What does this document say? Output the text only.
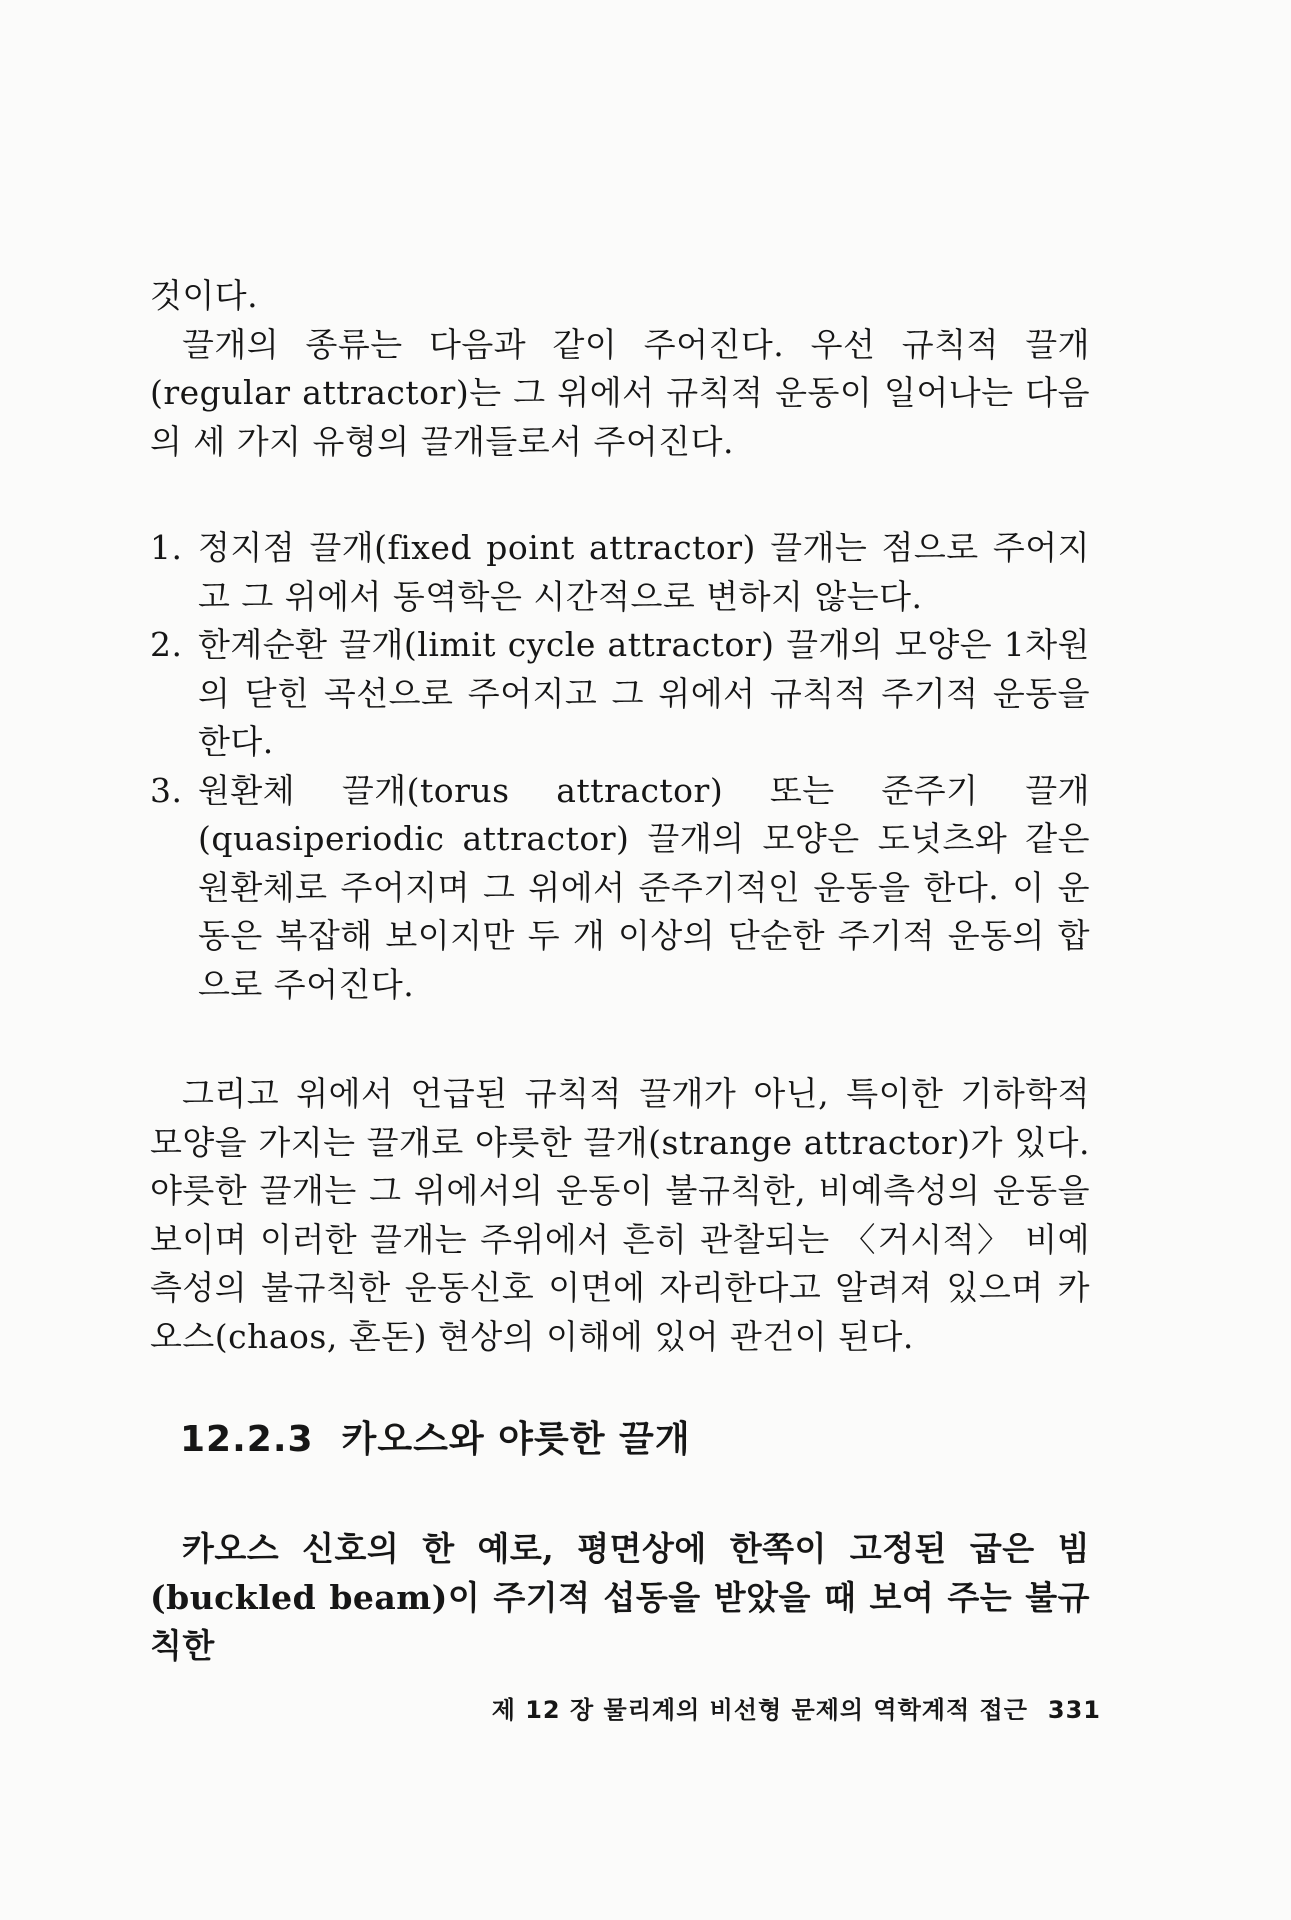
것이다.

끌개의 종류는 다음과 같이 주어진다. 우선 규칙적 끌개 (regular attractor)는 그 위에서 규칙적 운동이 일어나는 다음의 세 가지 유형의 끌개들로서 주어진다.

1. 정지점 끌개(fixed point attractor) 끌개는 점으로 주어지고 그 위에서 동역학은 시간적으로 변하지 않는다.
2. 한계순환 끌개(limit cycle attractor) 끌개의 모양은 1차원의 닫힌 곡선으로 주어지고 그 위에서 규칙적 주기적 운동을 한다.
3. 원환체 끌개(torus attractor) 또는 준주기 끌개(quasiperiodic attractor) 끌개의 모양은 도넛츠와 같은 원환체로 주어지며 그 위에서 준주기적인 운동을 한다. 이 운동은 복잡해 보이지만 두 개 이상의 단순한 주기적 운동의 합으로 주어진다.

그리고 위에서 언급된 규칙적 끌개가 아닌, 특이한 기하학적 모양을 가지는 끌개로 야릇한 끌개(strange attractor)가 있다. 야릇한 끌개는 그 위에서의 운동이 불규칙한, 비예측성의 운동을 보이며 이러한 끌개는 주위에서 흔히 관찰되는 〈거시적〉 비예측성의 불규칙한 운동신호 이면에 자리한다고 알려져 있으며 카오스(chaos, 혼돈) 현상의 이해에 있어 관건이 된다.

12.2.3 카오스와 야릇한 끌개

카오스 신호의 한 예로, 평면상에 한쪽이 고정된 굽은 빔 (buckled beam)이 주기적 섭동을 받았을 때 보여 주는 불규칙한

제 12 장 물리계의 비선형 문제의 역학계적 접근 331
